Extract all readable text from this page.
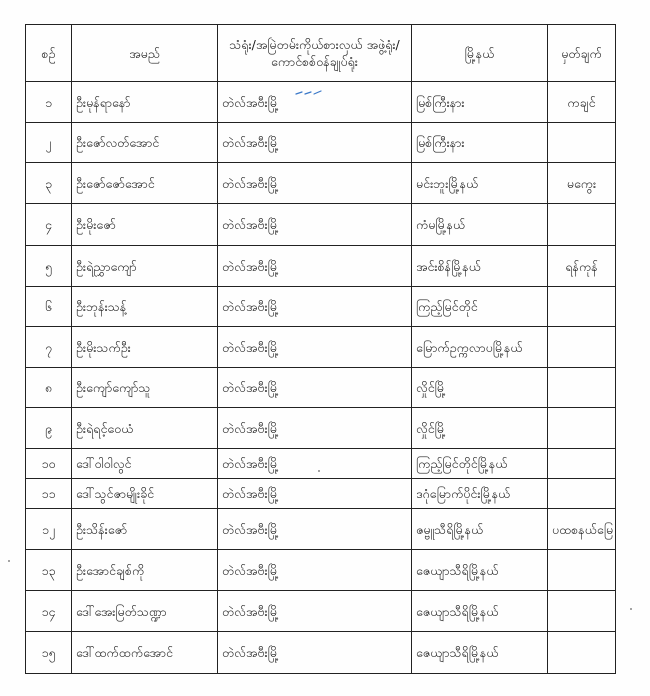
စဉ်	အမည်	သံရုံး/အမြဲတမ်းကိုယ်စားလှယ် အဖွဲ့ရုံး/ကောင်စစ်ဝန်ချုပ်ရုံး	မြို့နယ်	မှတ်ချက်
၁	ဦးမုန်ရာနော်	တဲလ်အဗီးမြို့	မြစ်ကြီးနား	ကချင်
၂	ဦးဇော်လတ်အောင်	တဲလ်အဗီးမြို့	မြစ်ကြီးနား	
၃	ဦးဇော်ဇော်အောင်	တဲလ်အဗီးမြို့	မင်းဘူးမြို့နယ်	မကွေး
၄	ဦးမိုးဇော်	တဲလ်အဗီးမြို့	ကံမမြို့နယ်	
၅	ဦးရဲညွှာကျော်	တဲလ်အဗီးမြို့	အင်းစိန်မြို့နယ်	ရန်ကုန်
၆	ဦးဘုန်းသန့်	တဲလ်အဗီးမြို့	ကြည့်မြင်တိုင်	
၇	ဦးမိုးသက်ဦး	တဲလ်အဗီးမြို့	မြောက်ဥက္ကလာပမြို့နယ်	
၈	ဦးကျော်ကျော်သူ	တဲလ်အဗီးမြို့	လှိုင်မြို့	
၉	ဦးရဲရင့်ဝေယံ	တဲလ်အဗီးမြို့	လှိုင်မြို့	
၁၀	ဒေါ်ဝါဝါလွင်	တဲလ်အဗီးမြို့	ကြည့်မြင်တိုင်မြို့နယ်	
၁၁	ဒေါ်သွင်ဇာမျိုးခိုင်	တဲလ်အဗီးမြို့	ဒဂုံမြောက်ပိုင်းမြို့နယ်	
၁၂	ဦးသိန်းဇော်	တဲလ်အဗီးမြို့	ဇမ္ဗူသီရိမြို့နယ်	ပထစနယ်မြေ
၁၃	ဦးအောင်ချစ်ကို	တဲလ်အဗီးမြို့	ဇေယျာသီရိမြို့နယ်	
၁၄	ဒေါ်အေးမြတ်သဏ္ဍာ	တဲလ်အဗီးမြို့	ဇေယျာသီရိမြို့နယ်	
၁၅	ဒေါ်ထက်ထက်အောင်	တဲလ်အဗီးမြို့	ဇေယျာသီရိမြို့နယ်	
